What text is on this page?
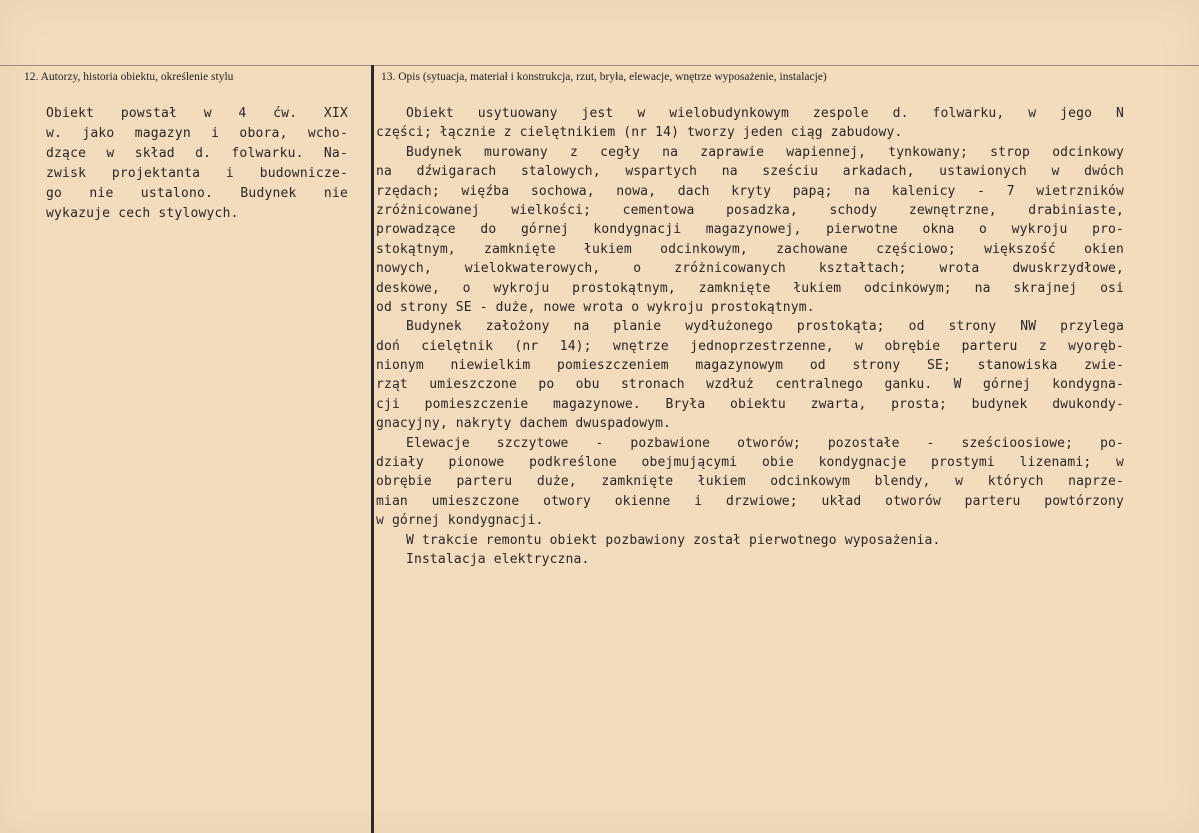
12. Autorzy, historia obiektu, określenie stylu	13. Opis (sytuacja, materiał i konstrukcja, rzut, bryła, elewacje, wnętrze wyposażenie, instalacje)
Obiekt powstał w 4 ćw. XIX
w. jako magazyn i obora, wcho-
dzące w skład d. folwarku. Na-
zwisk projektanta i budownicze-
go nie ustalono. Budynek nie
wykazuje cech stylowych.
Obiekt usytuowany jest w wielobudynkowym zespole d. folwarku, w jego N
części; łącznie z cielętnikiem (nr 14) tworzy jeden ciąg zabudowy.
Budynek murowany z cegły na zaprawie wapiennej, tynkowany; strop odcinkowy
na dźwigarach stalowych, wspartych na sześciu arkadach, ustawionych w dwóch
rzędach; więźba sochowa, nowa, dach kryty papą; na kalenicy - 7 wietrzników
zróżnicowanej wielkości; cementowa posadzka, schody zewnętrzne, drabiniaste,
prowadzące do górnej kondygnacji magazynowej, pierwotne okna o wykroju pro-
stokątnym, zamknięte łukiem odcinkowym, zachowane częściowo; większość okien
nowych, wielokwaterowych, o zróżnicowanych kształtach; wrota dwuskrzydłowe,
deskowe, o wykroju prostokątnym, zamknięte łukiem odcinkowym; na skrajnej osi
od strony SE - duże, nowe wrota o wykroju prostokątnym.
Budynek założony na planie wydłużonego prostokąta; od strony NW przylega
doń cielętnik (nr 14); wnętrze jednoprzestrzenne, w obrębie parteru z wyoręb-
nionym niewielkim pomieszczeniem magazynowym od strony SE; stanowiska zwie-
rząt umieszczone po obu stronach wzdłuż centralnego ganku. W górnej kondygna-
cji pomieszczenie magazynowe. Bryła obiektu zwarta, prosta; budynek dwukondy-
gnacyjny, nakryty dachem dwuspadowym.
Elewacje szczytowe - pozbawione otworów; pozostałe - sześcioosiowe; po-
działy pionowe podkreślone obejmującymi obie kondygnacje prostymi lizenami; w
obrębie parteru duże, zamknięte łukiem odcinkowym blendy, w których naprze-
mian umieszczone otwory okienne i drzwiowe; układ otworów parteru powtórzony
w górnej kondygnacji.
W trakcie remontu obiekt pozbawiony został pierwotnego wyposażenia.
Instalacja elektryczna.
